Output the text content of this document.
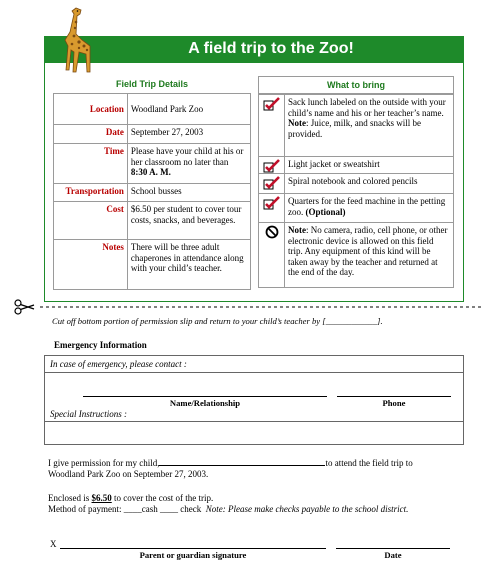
A field trip to the Zoo!
Field Trip Details
Location	Woodland Park Zoo
Date	September 27, 2003
Time	Please have your child at his or her classroom no later than 8:30 A. M.
Transportation	School busses
Cost	$6.50 per student to cover tour costs, snacks, and beverages.
Notes	There will be three adult chaperones in attendance along with your child’s teacher.
What to bring
Sack lunch labeled on the outside with your child’s name and his or her teacher’s name.
Note: Juice, milk, and snacks will be provided.
Light jacket or sweatshirt
Spiral notebook and colored pencils
Quarters for the feed machine in the petting zoo. (Optional)
Note: No camera, radio, cell phone, or other electronic device is allowed on this field trip. Any equipment of this kind will be taken away by the teacher and returned at the end of the day.
Cut off bottom portion of permission slip and return to your child’s teacher by [____________].
Emergency Information
In case of emergency, please contact :
Name/Relationship	Phone
Special Instructions :
I give permission for my child,	to attend the field trip to
Woodland Park Zoo on September 27, 2003.
Enclosed is $6.50 to cover the cost of the trip.
Method of payment: ____cash ____ check Note: Please make checks payable to the school district.
X
Parent or guardian signature	Date
